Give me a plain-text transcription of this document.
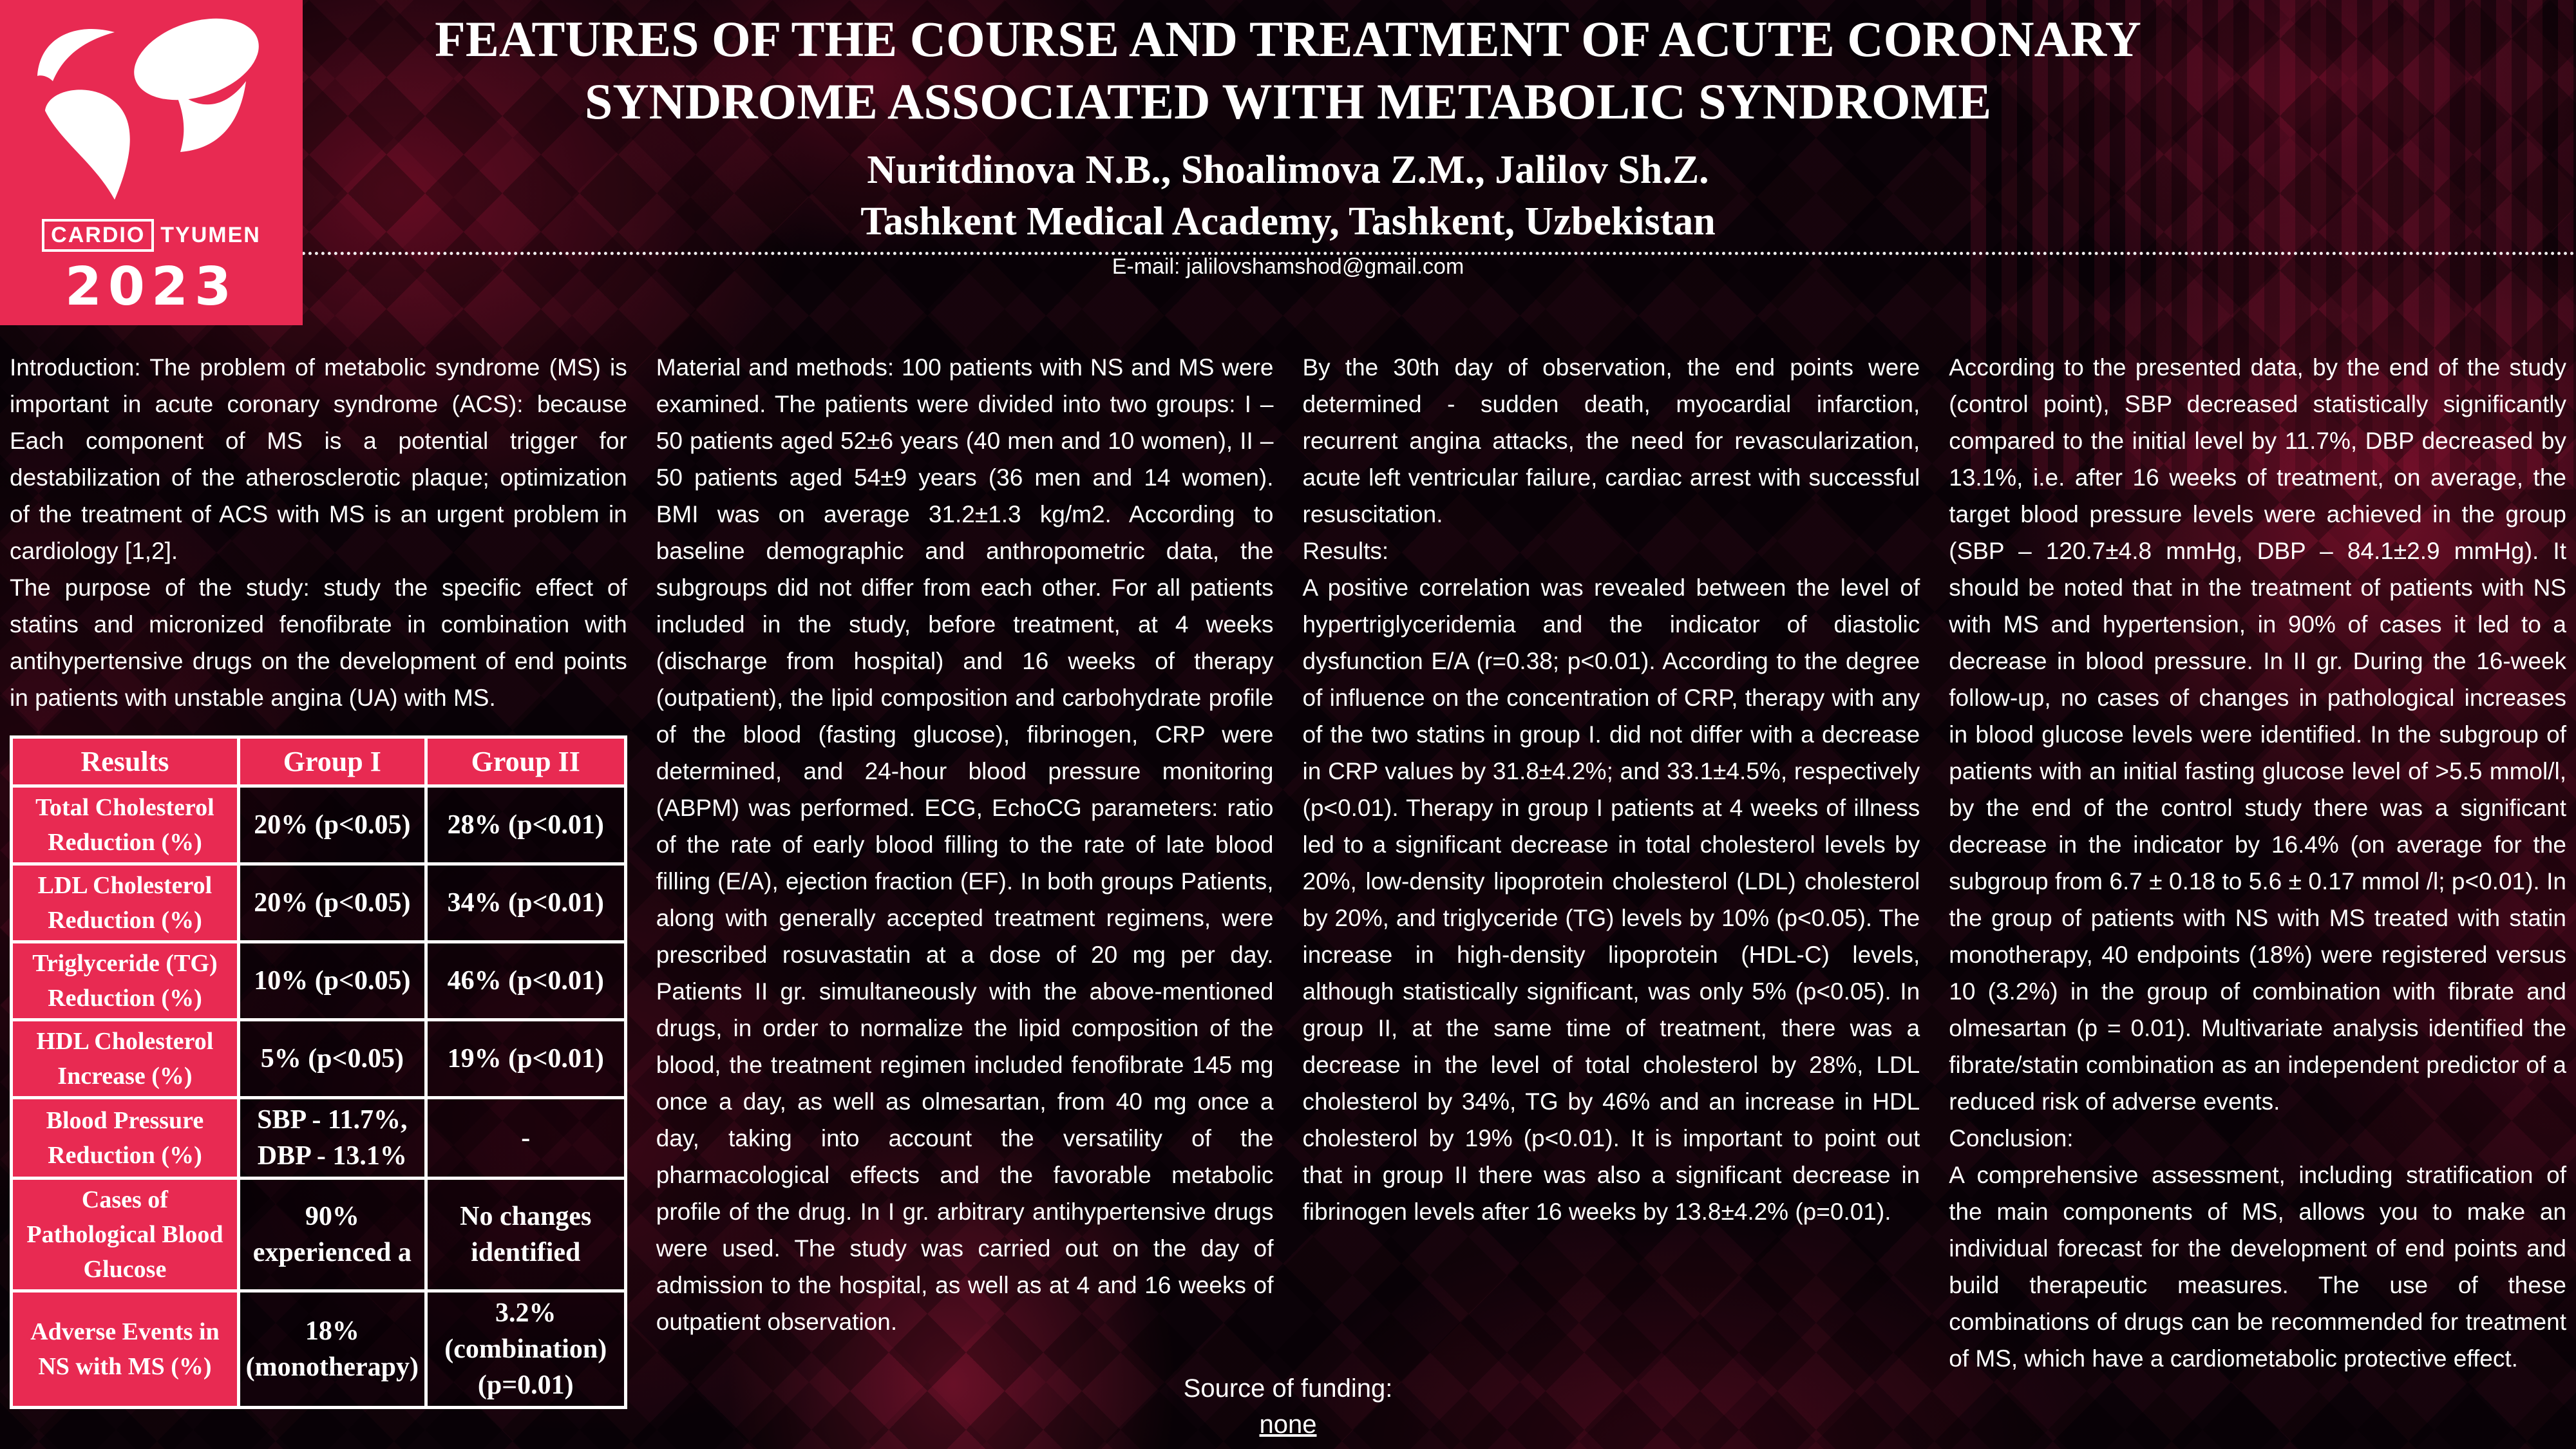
FEATURES OF THE COURSE AND TREATMENT OF ACUTE CORONARY SYNDROME ASSOCIATED WITH METABOLIC SYNDROME
Nuritdinova N.B., Shoalimova Z.M., Jalilov Sh.Z.
Tashkent Medical Academy, Tashkent, Uzbekistan
E-mail: jalilovshamshod@gmail.com
CARDIO TYUMEN
2023

Introduction: The problem of metabolic syndrome (MS) is important in acute coronary syndrome (ACS): because Each component of MS is a potential trigger for destabilization of the atherosclerotic plaque; optimization of the treatment of ACS with MS is an urgent problem in cardiology [1,2].

The purpose of the study: study the specific effect of statins and micronized fenofibrate in combination with antihypertensive drugs on the development of end points in patients with unstable angina (UA) with MS.

Results	Group I	Group II
Total Cholesterol Reduction (%)	20% (p<0.05)	28% (p<0.01)
LDL Cholesterol Reduction (%)	20% (p<0.05)	34% (p<0.01)
Triglyceride (TG) Reduction (%)	10% (p<0.05)	46% (p<0.01)
HDL Cholesterol Increase (%)	5% (p<0.05)	19% (p<0.01)
Blood Pressure Reduction (%)	SBP - 11.7%, DBP - 13.1%	-
Cases of Pathological Blood Glucose	90% experienced a	No changes identified
Adverse Events in NS with MS (%)	18% (monotherapy)	3.2% (combination) (p=0.01)

Material and methods: 100 patients with NS and MS were examined. The patients were divided into two groups: I – 50 patients aged 52±6 years (40 men and 10 women), II – 50 patients aged 54±9 years (36 men and 14 women). BMI was on average 31.2±1.3 kg/m2. According to baseline demographic and anthropometric data, the subgroups did not differ from each other. For all patients included in the study, before treatment, at 4 weeks (discharge from hospital) and 16 weeks of therapy (outpatient), the lipid composition and carbohydrate profile of the blood (fasting glucose), fibrinogen, CRP were determined, and 24-hour blood pressure monitoring (ABPM) was performed. ECG, EchoCG parameters: ratio of the rate of early blood filling to the rate of late blood filling (E/A), ejection fraction (EF). In both groups Patients, along with generally accepted treatment regimens, were prescribed rosuvastatin at a dose of 20 mg per day. Patients II gr. simultaneously with the above-mentioned drugs, in order to normalize the lipid composition of the blood, the treatment regimen included fenofibrate 145 mg once a day, as well as olmesartan, from 40 mg once a day, taking into account the versatility of the pharmacological effects and the favorable metabolic profile of the drug. In I gr. arbitrary antihypertensive drugs were used. The study was carried out on the day of admission to the hospital, as well as at 4 and 16 weeks of outpatient observation.

By the 30th day of observation, the end points were determined - sudden death, myocardial infarction, recurrent angina attacks, the need for revascularization, acute left ventricular failure, cardiac arrest with successful resuscitation.

Results:

A positive correlation was revealed between the level of hypertriglyceridemia and the indicator of diastolic dysfunction E/A (r=0.38; p<0.01). According to the degree of influence on the concentration of CRP, therapy with any of the two statins in group I. did not differ with a decrease in CRP values by 31.8±4.2%; and 33.1±4.5%, respectively (p<0.01). Therapy in group I patients at 4 weeks of illness led to a significant decrease in total cholesterol levels by 20%, low-density lipoprotein cholesterol (LDL) cholesterol by 20%, and triglyceride (TG) levels by 10% (p<0.05). The increase in high-density lipoprotein (HDL-C) levels, although statistically significant, was only 5% (p<0.05). In group II, at the same time of treatment, there was a decrease in the level of total cholesterol by 28%, LDL cholesterol by 34%, TG by 46% and an increase in HDL cholesterol by 19% (p<0.01). It is important to point out that in group II there was also a significant decrease in fibrinogen levels after 16 weeks by 13.8±4.2% (p=0.01).

According to the presented data, by the end of the study (control point), SBP decreased statistically significantly compared to the initial level by 11.7%, DBP decreased by 13.1%, i.e. after 16 weeks of treatment, on average, the target blood pressure levels were achieved in the group (SBP – 120.7±4.8 mmHg, DBP – 84.1±2.9 mmHg). It should be noted that in the treatment of patients with NS with MS and hypertension, in 90% of cases it led to a decrease in blood pressure. In II gr. During the 16-week follow-up, no cases of changes in pathological increases in blood glucose levels were identified. In the subgroup of patients with an initial fasting glucose level of >5.5 mmol/l, by the end of the control study there was a significant decrease in the indicator by 16.4% (on average for the subgroup from 6.7 ± 0.18 to 5.6 ± 0.17 mmol /l; p<0.01). In the group of patients with NS with MS treated with statin monotherapy, 40 endpoints (18%) were registered versus 10 (3.2%) in the group of combination with fibrate and olmesartan (p = 0.01). Multivariate analysis identified the fibrate/statin combination as an independent predictor of a reduced risk of adverse events.

Conclusion:

A comprehensive assessment, including stratification of the main components of MS, allows you to make an individual forecast for the development of end points and build therapeutic measures. The use of these combinations of drugs can be recommended for treatment of MS, which have a cardiometabolic protective effect.

Source of funding:
none
